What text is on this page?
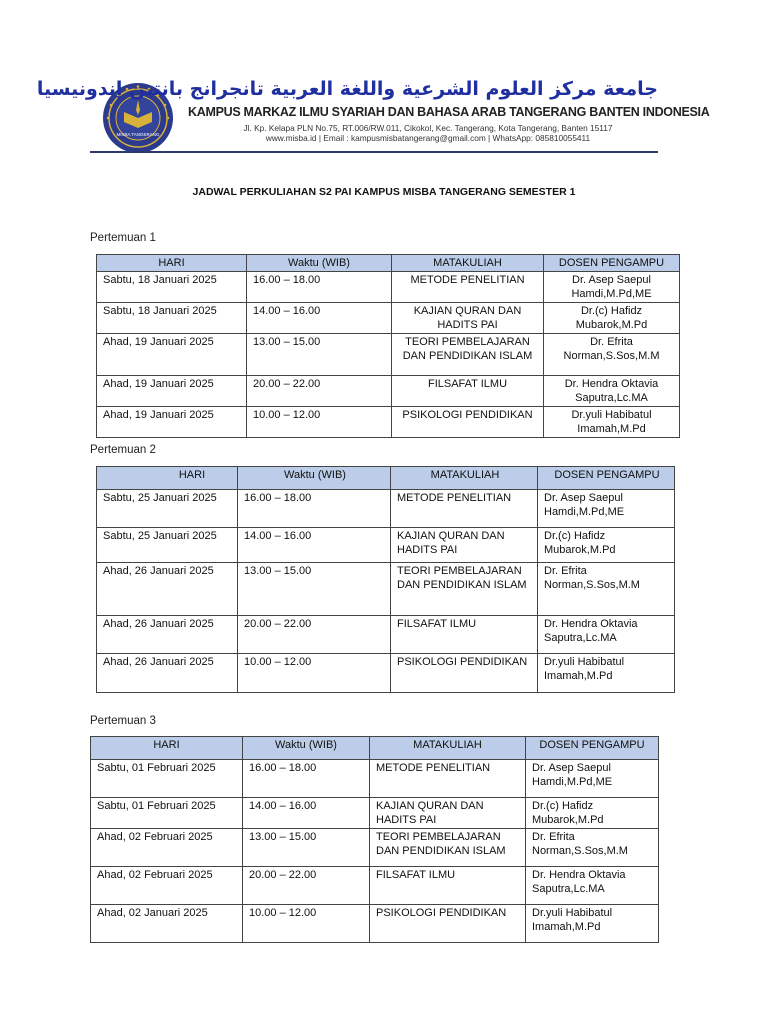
MISBA TANGERANG
جامعة مركز العلوم الشرعية واللغة العربية تانجرانج بانتين إندونيسيا
KAMPUS MARKAZ ILMU SYARIAH DAN BAHASA ARAB TANGERANG BANTEN INDONESIA
Jl. Kp. Kelapa PLN No.75, RT.006/RW.011, Cikokol, Kec. Tangerang, Kota Tangerang, Banten 15117
www.misba.id | Email : kampusmisbatangerang@gmail.com | WhatsApp: 085810055411
JADWAL PERKULIAHAN S2 PAI KAMPUS MISBA TANGERANG SEMESTER 1
Pertemuan 1
HARI	Waktu (WIB)	MATAKULIAH	DOSEN PENGAMPU
Sabtu, 18 Januari 2025	16.00 – 18.00	METODE PENELITIAN	Dr. Asep Saepul
Hamdi,M.Pd,ME

Sabtu, 18 Januari 2025	14.00 – 16.00	KAJIAN QURAN DAN HADITS PAI	Dr.(c) Hafidz
Mubarok,M.Pd

Ahad, 19 Januari 2025	13.00 – 15.00	TEORI PEMBELAJARAN DAN PENDIDIKAN ISLAM	Dr. Efrita
Norman,S.Sos,M.M

Ahad, 19 Januari 2025	20.00 – 22.00	FILSAFAT ILMU	Dr. Hendra Oktavia
Saputra,Lc.MA

Ahad, 19 Januari 2025	10.00 – 12.00	PSIKOLOGI PENDIDIKAN	Dr.yuli Habibatul
Imamah,M.Pd
Pertemuan 2
HARI	Waktu (WIB)	MATAKULIAH	DOSEN PENGAMPU
Sabtu, 25 Januari 2025	16.00 – 18.00	METODE PENELITIAN	Dr. Asep Saepul
Hamdi,M.Pd,ME

Sabtu, 25 Januari 2025	14.00 – 16.00	KAJIAN QURAN DAN HADITS PAI	Dr.(c) Hafidz
Mubarok,M.Pd

Ahad, 26 Januari 2025	13.00 – 15.00	TEORI PEMBELAJARAN DAN PENDIDIKAN ISLAM	Dr. Efrita
Norman,S.Sos,M.M

Ahad, 26 Januari 2025	20.00 – 22.00	FILSAFAT ILMU	Dr. Hendra Oktavia
Saputra,Lc.MA

Ahad, 26 Januari 2025	10.00 – 12.00	PSIKOLOGI PENDIDIKAN	Dr.yuli Habibatul
Imamah,M.Pd
Pertemuan 3
HARI	Waktu (WIB)	MATAKULIAH	DOSEN PENGAMPU
Sabtu, 01 Februari 2025	16.00 – 18.00	METODE PENELITIAN	Dr. Asep Saepul
Hamdi,M.Pd,ME

Sabtu, 01 Februari 2025	14.00 – 16.00	KAJIAN QURAN DAN HADITS PAI	Dr.(c) Hafidz
Mubarok,M.Pd

Ahad, 02 Februari 2025	13.00 – 15.00	TEORI PEMBELAJARAN DAN PENDIDIKAN ISLAM	Dr. Efrita
Norman,S.Sos,M.M

Ahad, 02 Februari 2025	20.00 – 22.00	FILSAFAT ILMU	Dr. Hendra Oktavia
Saputra,Lc.MA

Ahad, 02 Januari 2025	10.00 – 12.00	PSIKOLOGI PENDIDIKAN	Dr.yuli Habibatul
Imamah,M.Pd
